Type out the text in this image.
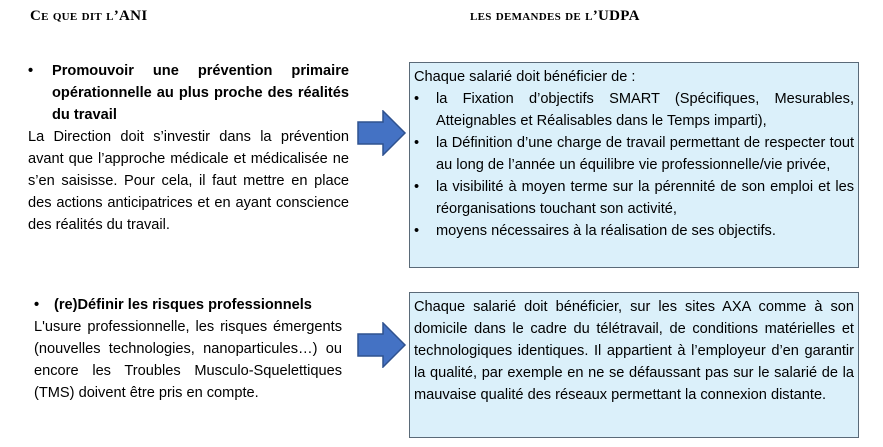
Ce que dit l’ANI	les demandes de l’UDPA
•	Promouvoir une prévention primaire opérationnelle au plus proche des réalités du travail

La Direction doit s’investir dans la prévention avant que l’approche médicale et médicalisée ne s’en saisisse. Pour cela, il faut mettre en place des actions anticipatrices et en ayant conscience des réalités du travail.

•	(re)Définir les risques professionnels

L'usure professionnelle, les risques émergents (nouvelles technologies, nanoparticules…) ou encore les Troubles Musculo-Squelettiques (TMS) doivent être pris en compte.

Chaque salarié doit bénéficier de :

•	la Fixation d’objectifs SMART (Spécifiques, Mesurables, Atteignables et Réalisables dans le Temps imparti),
•	la Définition d’une charge de travail permettant de respecter tout au long de l’année un équilibre vie professionnelle/vie privée,
•	la visibilité à moyen terme sur la pérennité de son emploi et les réorganisations touchant son activité,
•	moyens nécessaires à la réalisation de ses objectifs.

Chaque salarié doit bénéficier, sur les sites AXA comme à son domicile dans le cadre du télétravail, de conditions matérielles et technologiques identiques. Il appartient à l’employeur d’en garantir la qualité, par exemple en ne se défaussant pas sur le salarié de la mauvaise qualité des réseaux permettant la connexion distante.
